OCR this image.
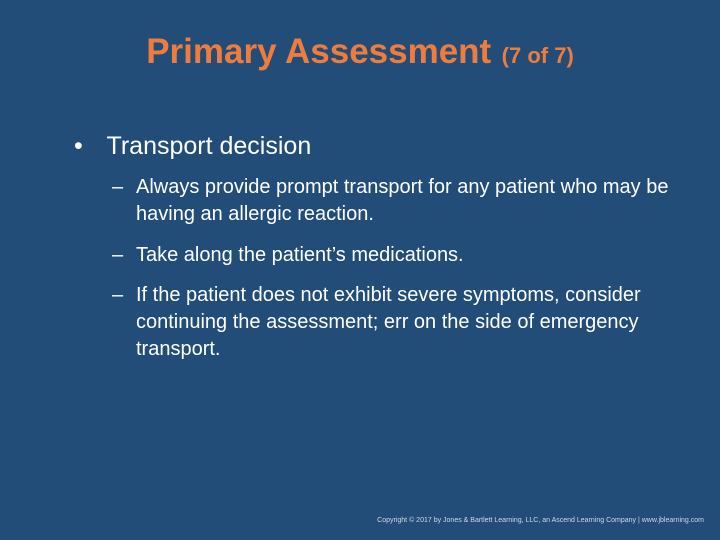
Primary Assessment (7 of 7)
• Transport decision
– Always provide prompt transport for any patient who may be having an allergic reaction.
– Take along the patient’s medications.
– If the patient does not exhibit severe symptoms, consider continuing the assessment; err on the side of emergency transport.
Copyright © 2017 by Jones & Bartlett Learning, LLC, an Ascend Learning Company | www.jblearning.com
